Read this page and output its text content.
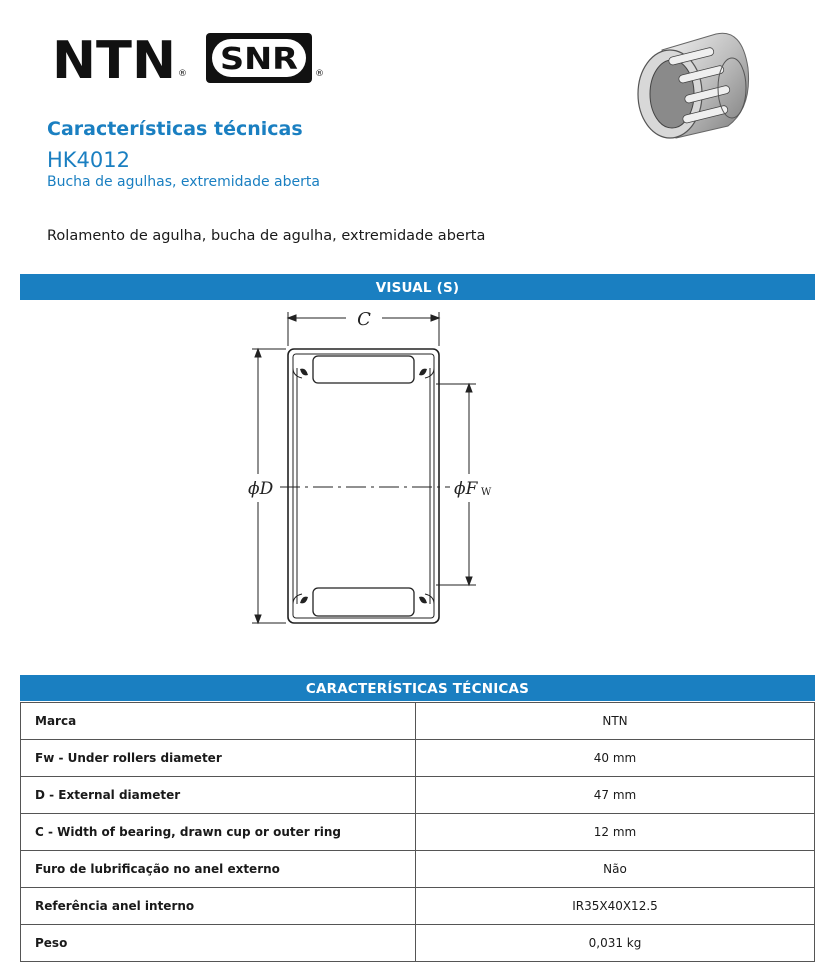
NTN ® SNR ®
Características técnicas
HK4012
Bucha de agulhas, extremidade aberta

Rolamento de agulha, bucha de agulha, extremidade aberta

VISUAL (S)
C
ϕD	ϕF W
CARACTERÍSTICAS TÉCNICAS
Marca	NTN
Fw - Under rollers diameter	40 mm
D - External diameter	47 mm
C - Width of bearing, drawn cup or outer ring	12 mm
Furo de lubrificação no anel externo	Não
Referência anel interno	IR35X40X12.5
Peso	0,031 kg
